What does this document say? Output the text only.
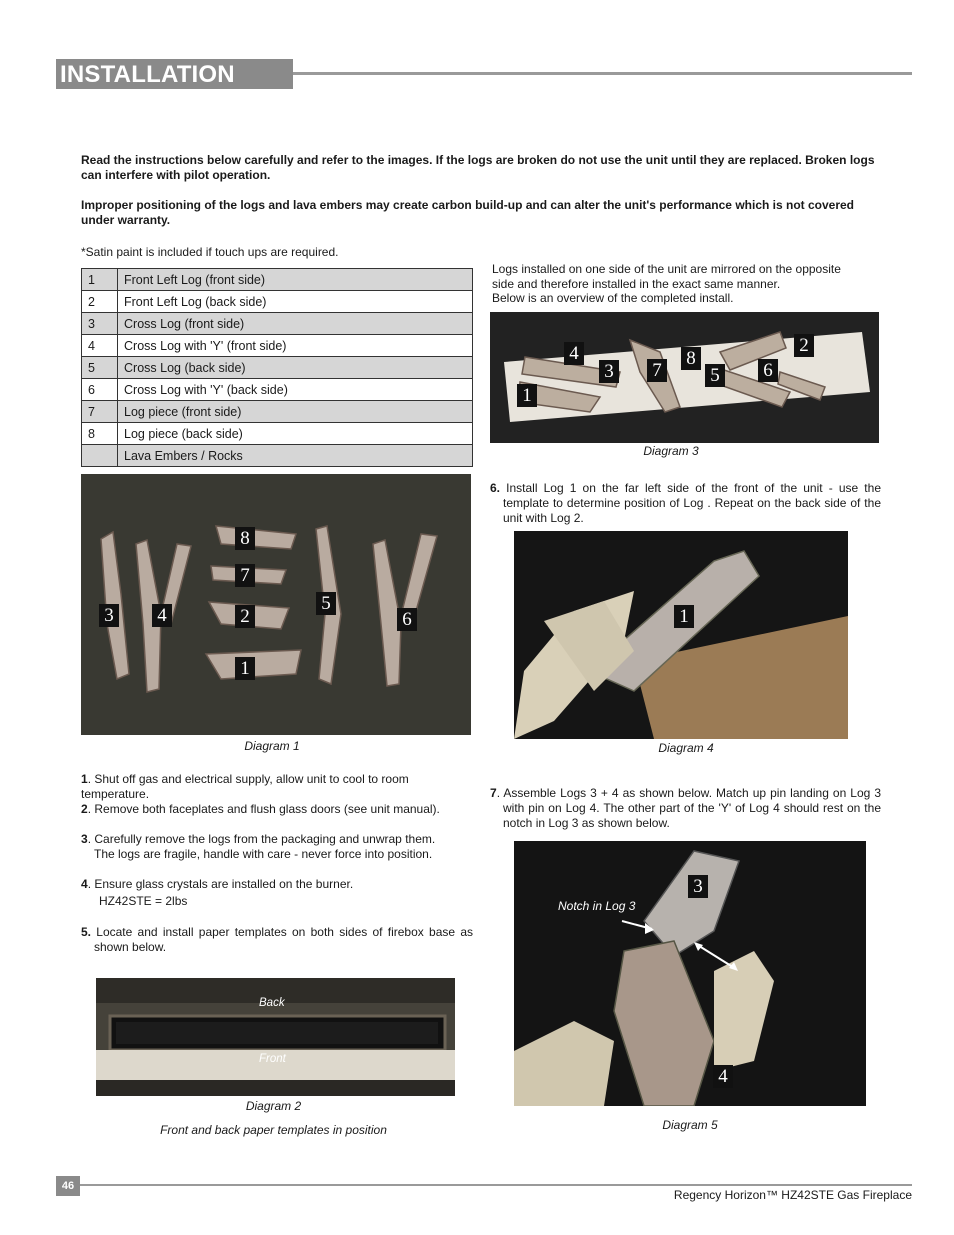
INSTALLATION

Read the instructions below carefully and refer to the images. If the logs are broken do not use the unit until they are replaced. Broken logs can interfere with pilot operation.

Improper positioning of the logs and lava embers may create carbon build-up and can alter the unit's performance which is not covered under warranty.

*Satin paint is included if touch ups are required.

1	Front Left Log (front side)
2	Front Left Log (back side)
3	Cross Log (front side)
4	Cross Log with 'Y' (front side)
5	Cross Log (back side)
6	Cross Log with 'Y' (back side)
7	Log piece (front side)
8	Log piece (back side)
	Lava Embers / Rocks
3 4
8
7
2
1
5
6
Diagram 1

1. Shut off gas and electrical supply, allow unit to cool to room temperature.

2. Remove both faceplates and flush glass doors (see unit manual).

3. Carefully remove the logs from the packaging and unwrap them.
The logs are fragile, handle with care - never force into position.

4. Ensure glass crystals are installed on the burner.

HZ42STE = 2lbs

5. Locate and install paper templates on both sides of firebox base as shown below.

Back
Front
Diagram 2
Front and back paper templates in position

Logs installed on one side of the unit are mirrored on the opposite
side and therefore installed in the exact same manner.
Below is an overview of the completed install.

4
3 7
8
5
2
6
1
Diagram 3

6. Install Log 1 on the far left side of the front of the unit - use the template to determine position of Log . Repeat on the back side of the unit with Log 2.

1
Diagram 4

7. Assemble Logs 3 + 4 as shown below. Match up pin landing on Log 3 with pin on Log 4. The other part of the 'Y' of Log 4 should rest on the notch in Log 3 as shown below.

Notch in Log 3
3
4
Diagram 5
46
Regency Horizon™ HZ42STE Gas Fireplace
